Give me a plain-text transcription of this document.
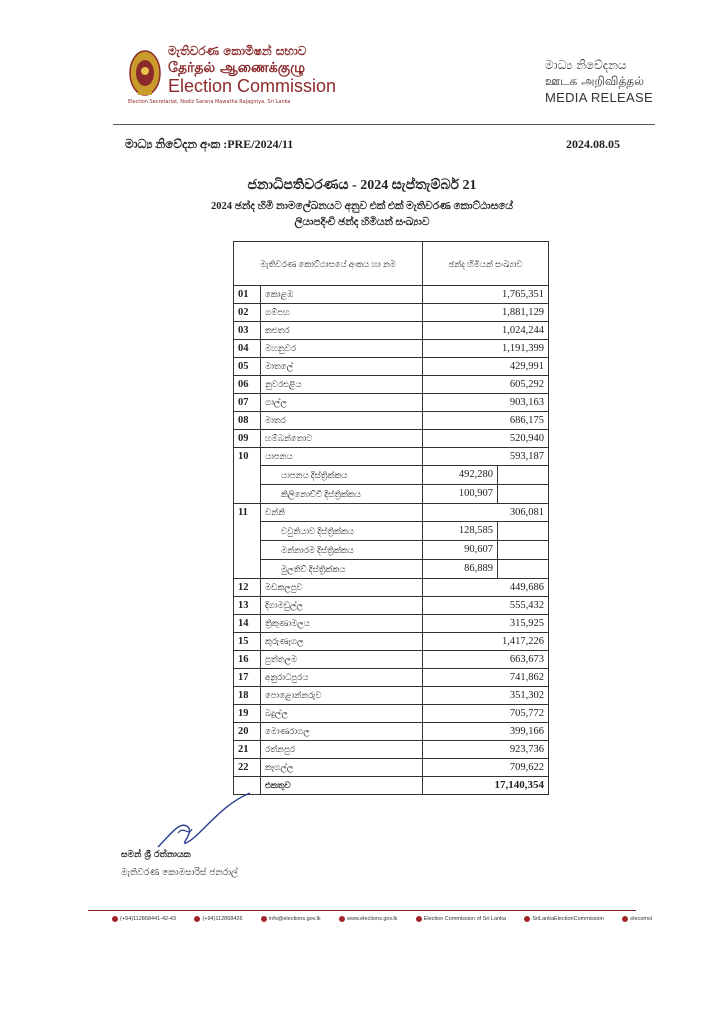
මැතිවරණ කොමිෂන් සභාව
தேர்தல் ஆணைக்குழு
Election Commission
Election Secretariat, Nodiz Sarana Mawatha Rajagiriya, Sri Lanka
මාධ්‍ය නිවේදනය
ஊடக அறிவித்தல்
MEDIA RELEASE
මාධ්‍ය නිවේදන අංක :PRE/2024/11	2024.08.05
ජනාධිපතිවරණය - 2024 සැප්තැම්බර් 21
2024 ඡන්ද හිමි නාමලේඛනයට අනුව එක් එක් මැතිවරණ කොට්ඨාසයේ
ලියාපදිංචි ඡන්ද හිමියන් සංඛ්‍යාව
මැතිවරණ කොට්ඨාසයේ අංකය හා නම		ඡන්ද හිමියන් සංඛ්‍යාව
01	කොළඹ	1,765,351
02	ගම්පහ	1,881,129
03	කළුතර	1,024,244
04	මහනුවර	1,191,399
05	මාතලේ	429,991
06	නුවරඑළිය	605,292
07	ගාල්ල	903,163
08	මාතර	686,175
09	හම්බන්තොට	520,940
10	යාපනය	593,187
	යාපනය දිස්ත්‍රික්කය	492,280

	කිලිනොච්චි දිස්ත්‍රික්කය	100,907

11	වන්නි	306,081
	වවුනියාව දිස්ත්‍රික්කය	128,585

	මන්නාරම දිස්ත්‍රික්කය	90,607

	මුලතිව් දිස්ත්‍රික්කය	86,889

12	මඩකලපුව	449,686
13	දිගාමඩුල්ල	555,432
14	ත්‍රිකුණාමලය	315,925
15	කුරුණෑගල	1,417,226
16	පුත්තලම	663,673
17	අනුරාධපුරය	741,862
18	පොළොන්නරුව	351,302
19	බදුල්ල	705,772
20	මොණරාගල	399,166
21	රත්නපුර	923,736
22	කෑගල්ල	709,622
	එකතුව	17,140,354
සමන් ශ්‍රී රත්නායක
මැතිවරණ කොමසාරිස් ජනරාල්
(+94)112868441-42-43	(+94)112868426	info@elections.gov.lk	www.elections.gov.lk	Election Commission of Sri Lanka	SriLankaElectionCommission	elecomsl
